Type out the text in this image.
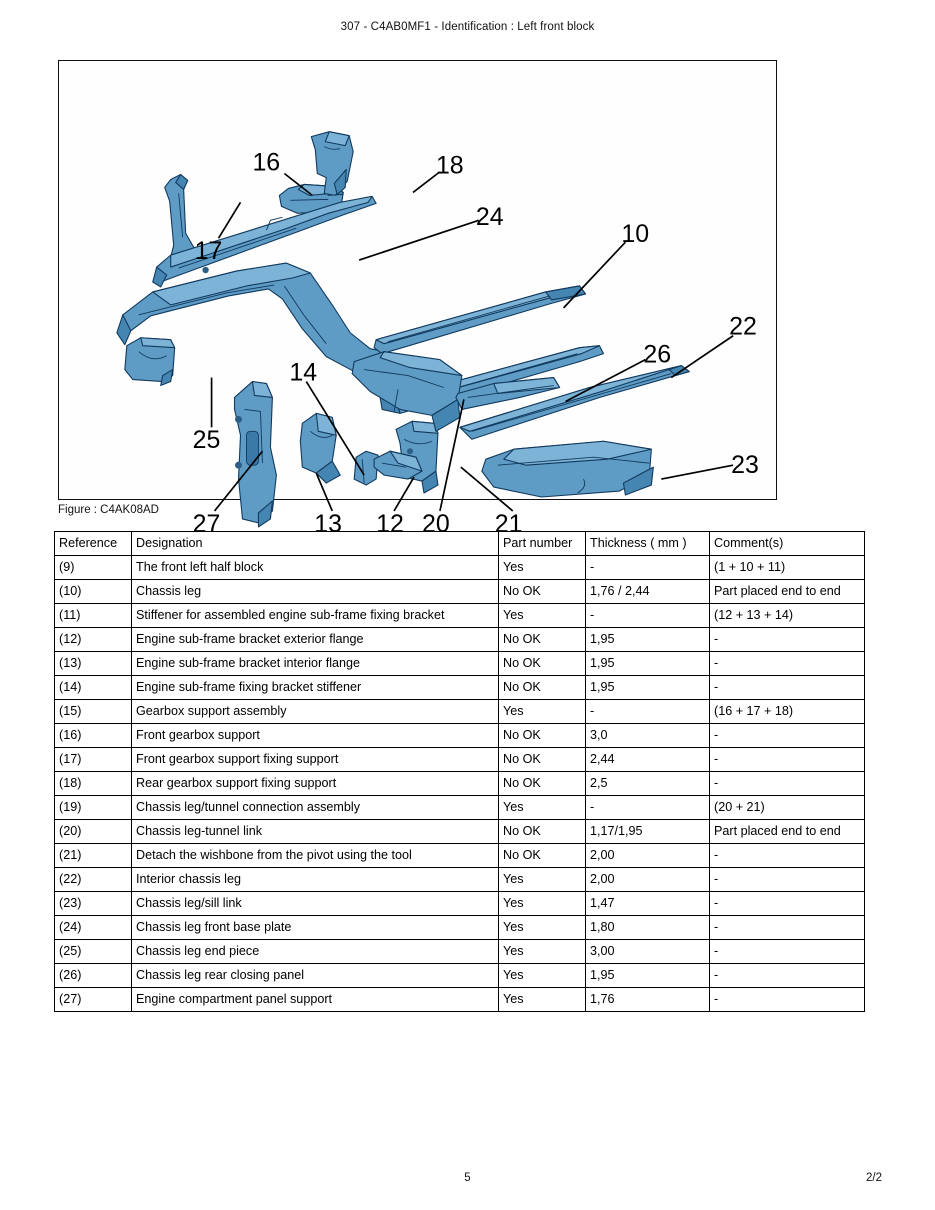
307 - C4AB0MF1 - Identification : Left front block
16	18
17
24
10
22
26
23
14
25
27	13 12 20 21
Figure : C4AK08AD
Reference	Designation	Part number	Thickness ( mm )	Comment(s)
(9)	The front left half block	Yes	-	(1 + 10 + 11)
(10)	Chassis leg	No OK	1,76 / 2,44	Part placed end to end
(11)	Stiffener for assembled engine sub-frame fixing bracket	Yes	-	(12 + 13 + 14)
(12)	Engine sub-frame bracket exterior flange	No OK	1,95	-
(13)	Engine sub-frame bracket interior flange	No OK	1,95	-
(14)	Engine sub-frame fixing bracket stiffener	No OK	1,95	-
(15)	Gearbox support assembly	Yes	-	(16 + 17 + 18)
(16)	Front gearbox support	No OK	3,0	-
(17)	Front gearbox support fixing support	No OK	2,44	-
(18)	Rear gearbox support fixing support	No OK	2,5	-
(19)	Chassis leg/tunnel connection assembly	Yes	-	(20 + 21)
(20)	Chassis leg-tunnel link	No OK	1,17/1,95	Part placed end to end
(21)	Detach the wishbone from the pivot using the tool	No OK	2,00	-
(22)	Interior chassis leg	Yes	2,00	-
(23)	Chassis leg/sill link	Yes	1,47	-
(24)	Chassis leg front base plate	Yes	1,80	-
(25)	Chassis leg end piece	Yes	3,00	-
(26)	Chassis leg rear closing panel	Yes	1,95	-
(27)	Engine compartment panel support	Yes	1,76	-
5	2/2
